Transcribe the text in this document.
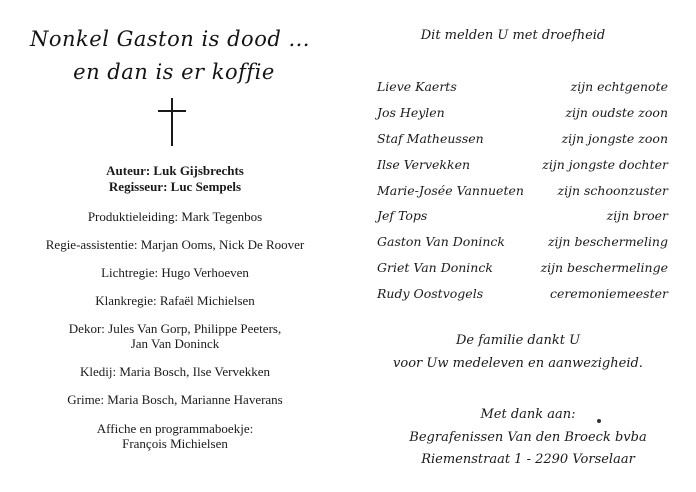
Nonkel Gaston is dood ...
en dan is er koffie
Auteur: Luk Gijsbrechts
Regisseur: Luc Sempels
Produktieleiding: Mark Tegenbos
Regie-assistentie: Marjan Ooms, Nick De Roover
Lichtregie: Hugo Verhoeven
Klankregie: Rafaël Michielsen
Dekor: Jules Van Gorp, Philippe Peeters,
Jan Van Doninck
Kledij: Maria Bosch, Ilse Vervekken
Grime: Maria Bosch, Marianne Haverans
Affiche en programmaboekje:
François Michielsen
Dit melden U met droefheid
Lieve Kaerts	zijn echtgenote
Jos Heylen	zijn oudste zoon
Staf Matheussen	zijn jongste zoon
Ilse Vervekken	zijn jongste dochter
Marie-Josée Vannueten	zijn schoonzuster
Jef Tops	zijn broer
Gaston Van Doninck	zijn beschermeling
Griet Van Doninck	zijn beschermelinge
Rudy Oostvogels	ceremoniemeester
De familie dankt U
voor Uw medeleven en aanwezigheid.
Met dank aan:
Begrafenissen Van den Broeck bvba
Riemenstraat 1 - 2290 Vorselaar
